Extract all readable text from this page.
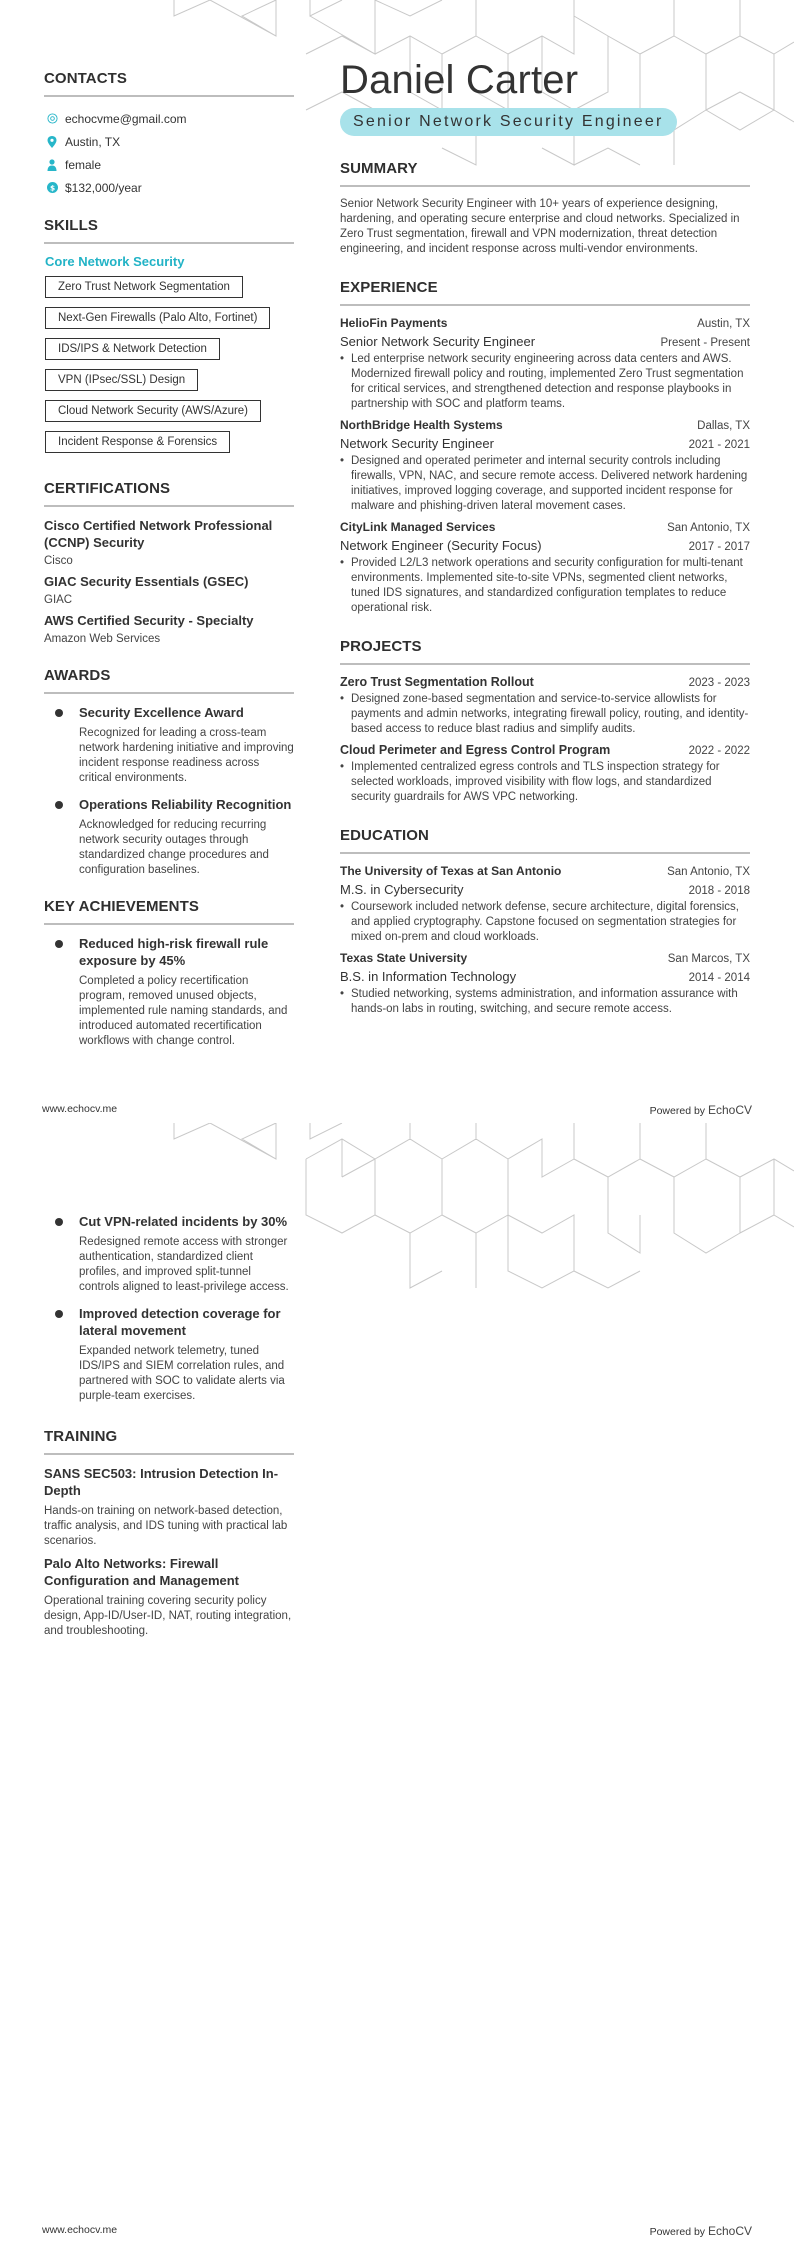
CONTACTS
echocvme@gmail.com
Austin, TX
female
$ $132,000/year
SKILLS
Core Network Security
Zero Trust Network Segmentation
Next-Gen Firewalls (Palo Alto, Fortinet)
IDS/IPS & Network Detection
VPN (IPsec/SSL) Design
Cloud Network Security (AWS/Azure)
Incident Response & Forensics
CERTIFICATIONS
Cisco Certified Network Professional (CCNP) Security
Cisco
GIAC Security Essentials (GSEC)
GIAC
AWS Certified Security - Specialty
Amazon Web Services
AWARDS
Security Excellence Award
Recognized for leading a cross-team network hardening initiative and improving incident response readiness across critical environments.
Operations Reliability Recognition
Acknowledged for reducing recurring network security outages through standardized change procedures and configuration baselines.
KEY ACHIEVEMENTS
Reduced high-risk firewall rule exposure by 45%
Completed a policy recertification program, removed unused objects, implemented rule naming standards, and introduced automated recertification workflows with change control.
Daniel Carter
Senior Network Security Engineer
SUMMARY

Senior Network Security Engineer with 10+ years of experience designing, hardening, and operating secure enterprise and cloud networks. Specialized in Zero Trust segmentation, firewall and VPN modernization, threat detection engineering, and incident response across multi-vendor environments.

EXPERIENCE
HelioFin Payments	Austin, TX
Senior Network Security Engineer	Present - Present
• Led enterprise network security engineering across data centers and AWS. Modernized firewall policy and routing, implemented Zero Trust segmentation for critical services, and strengthened detection and response playbooks in partnership with SOC and platform teams.
NorthBridge Health Systems	Dallas, TX
Network Security Engineer	2021 - 2021
• Designed and operated perimeter and internal security controls including firewalls, VPN, NAC, and secure remote access. Delivered network hardening initiatives, improved logging coverage, and supported incident response for malware and phishing-driven lateral movement cases.
CityLink Managed Services	San Antonio, TX
Network Engineer (Security Focus)	2017 - 2017
• Provided L2/L3 network operations and security configuration for multi-tenant environments. Implemented site-to-site VPNs, segmented client networks, tuned IDS signatures, and standardized configuration templates to reduce operational risk.
PROJECTS
Zero Trust Segmentation Rollout	2023 - 2023
• Designed zone-based segmentation and service-to-service allowlists for payments and admin networks, integrating firewall policy, routing, and identity-based access to reduce blast radius and simplify audits.
Cloud Perimeter and Egress Control Program	2022 - 2022
• Implemented centralized egress controls and TLS inspection strategy for selected workloads, improved visibility with flow logs, and standardized security guardrails for AWS VPC networking.
EDUCATION
The University of Texas at San Antonio	San Antonio, TX
M.S. in Cybersecurity	2018 - 2018
• Coursework included network defense, secure architecture, digital forensics, and applied cryptography. Capstone focused on segmentation strategies for mixed on-prem and cloud workloads.
Texas State University	San Marcos, TX
B.S. in Information Technology	2014 - 2014
• Studied networking, systems administration, and information assurance with hands-on labs in routing, switching, and secure remote access.
www.echocv.me	Powered by EchoCV
Cut VPN-related incidents by 30%
Redesigned remote access with stronger authentication, standardized client profiles, and improved split-tunnel controls aligned to least-privilege access.
Improved detection coverage for lateral movement
Expanded network telemetry, tuned IDS/IPS and SIEM correlation rules, and partnered with SOC to validate alerts via purple-team exercises.
TRAINING
SANS SEC503: Intrusion Detection In-Depth
Hands-on training on network-based detection, traffic analysis, and IDS tuning with practical lab scenarios.
Palo Alto Networks: Firewall Configuration and Management
Operational training covering security policy design, App-ID/User-ID, NAT, routing integration, and troubleshooting.
www.echocv.me	Powered by EchoCV
